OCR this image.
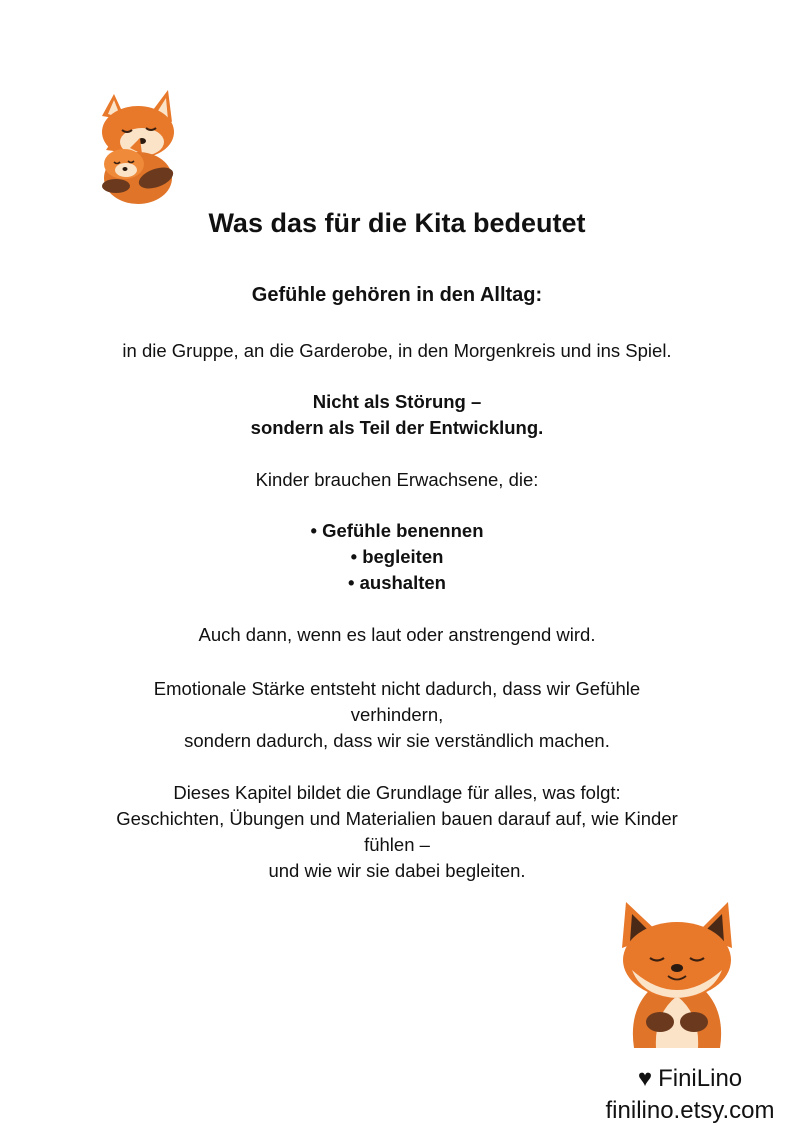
Was das für die Kita bedeutet
Gefühle gehören in den Alltag:
in die Gruppe, an die Garderobe, in den Morgenkreis und ins Spiel.
Nicht als Störung –
sondern als Teil der Entwicklung.
Kinder brauchen Erwachsene, die:
• Gefühle benennen
• begleiten
• aushalten
Auch dann, wenn es laut oder anstrengend wird.
Emotionale Stärke entsteht nicht dadurch, dass wir Gefühle
verhindern,
sondern dadurch, dass wir sie verständlich machen.
Dieses Kapitel bildet die Grundlage für alles, was folgt:
Geschichten, Übungen und Materialien bauen darauf auf, wie Kinder
fühlen –
und wie wir sie dabei begleiten.
♥ FiniLino
finilino.etsy.com
